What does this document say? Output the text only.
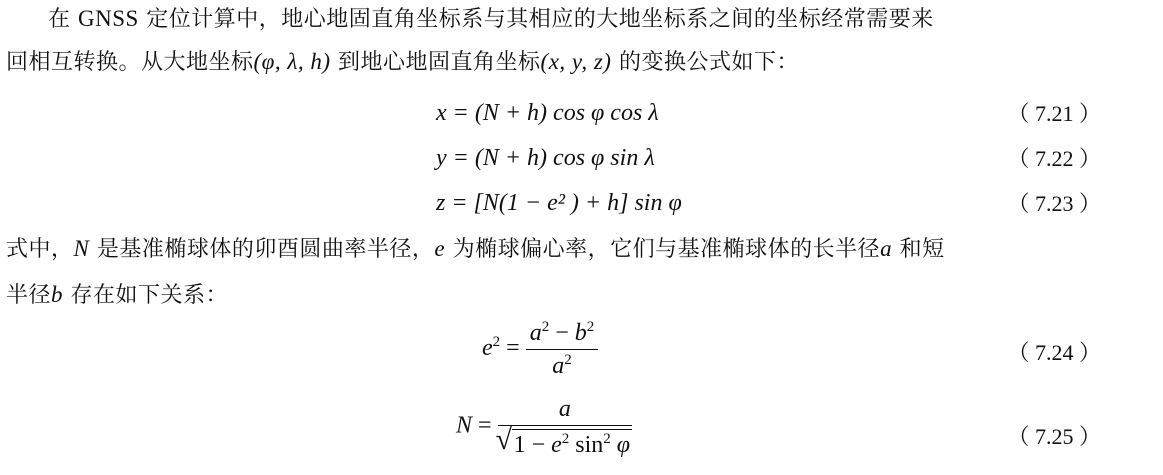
在 GNSS 定位计算中，地心地固直角坐标系与其相应的大地坐标系之间的坐标经常需要来
回相互转换。从大地坐标(φ, λ, h) 到地心地固直角坐标(x, y, z) 的变换公式如下：
x = (N + h) cos φ cos λ	（ 7.21 ）
y = (N + h) cos φ sin λ	（ 7.22 ）
z = [N(1 − e² ) + h] sin φ	（ 7.23 ）
式中，N 是基准椭球体的卯酉圆曲率半径，e 为椭球偏心率，它们与基准椭球体的长半径a 和短
半径b 存在如下关系：
$e^2 = \frac{a^2 - b^2}{a^2}$	（ 7.24 ）
$N = \frac{a}{√ 1 - e^2 \sin^2 \varphi}$	（ 7.25 ）
